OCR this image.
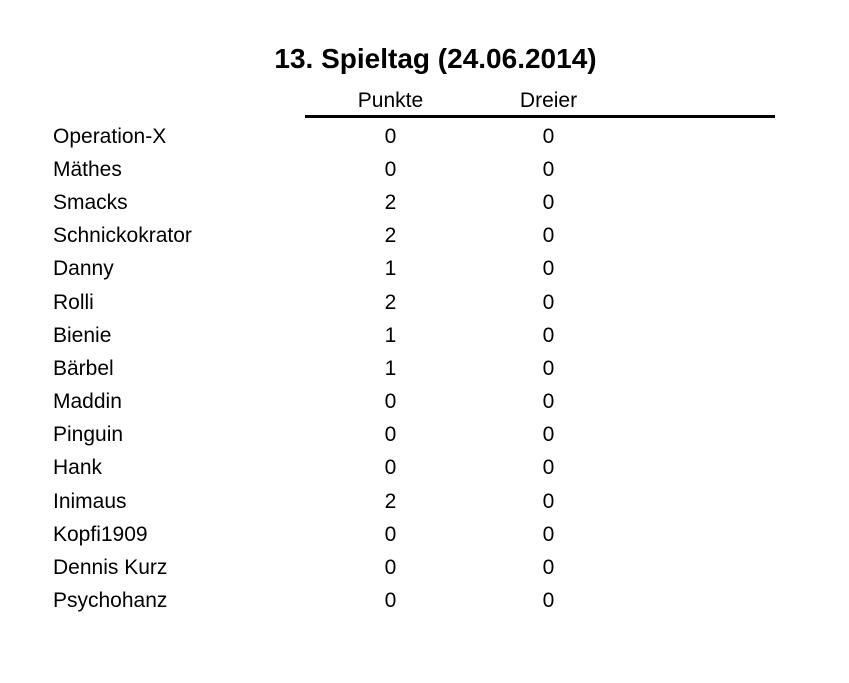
13. Spieltag (24.06.2014)
Punkte	Dreier
Operation-X	0	0
Mäthes	0	0
Smacks	2	0
Schnickokrator	2	0
Danny	1	0
Rolli	2	0
Bienie	1	0
Bärbel	1	0
Maddin	0	0
Pinguin	0	0
Hank	0	0
Inimaus	2	0
Kopfi1909	0	0
Dennis Kurz	0	0
Psychohanz	0	0
